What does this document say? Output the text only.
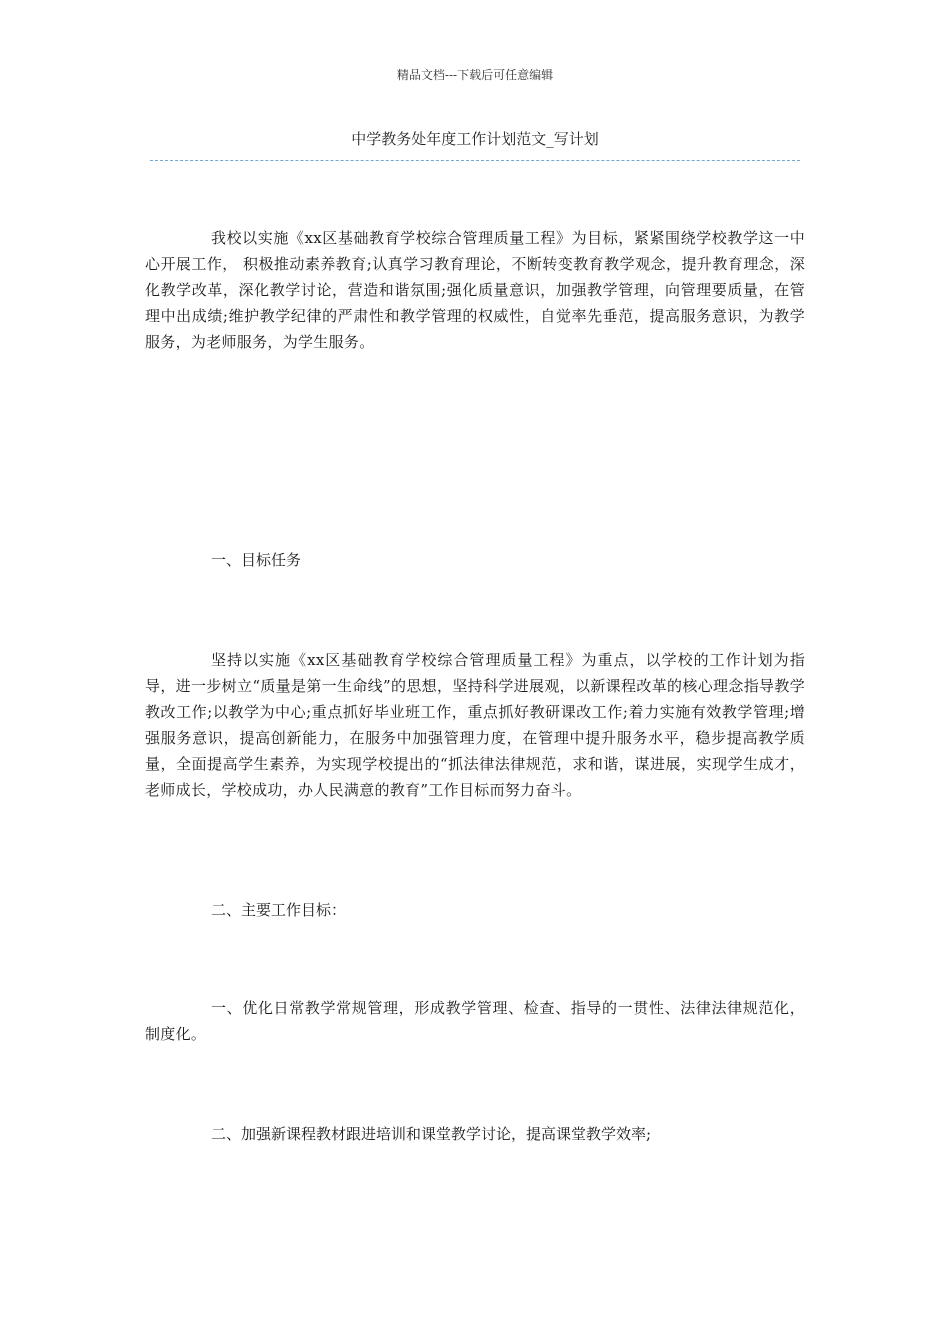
精品文档---下载后可任意编辑
中学教务处年度工作计划范文_写计划

我校以实施《xx区基础教育学校综合管理质量工程》为目标，紧紧围绕学校教学这一中心开展工作， 积极推动素养教育;认真学习教育理论，不断转变教育教学观念，提升教育理念，深化教学改革，深化教学讨论，营造和谐氛围;强化质量意识，加强教学管理，向管理要质量，在管理中出成绩;维护教学纪律的严肃性和教学管理的权威性，自觉率先垂范，提高服务意识，为教学服务，为老师服务，为学生服务。

一、目标任务

坚持以实施《xx区基础教育学校综合管理质量工程》为重点，以学校的工作计划为指导，进一步树立“质量是第一生命线”的思想，坚持科学进展观，以新课程改革的核心理念指导教学教改工作;以教学为中心;重点抓好毕业班工作，重点抓好教研课改工作;着力实施有效教学管理;增强服务意识，提高创新能力，在服务中加强管理力度，在管理中提升服务水平，稳步提高教学质量，全面提高学生素养，为实现学校提出的“抓法律法律规范，求和谐，谋进展，实现学生成才，老师成长，学校成功，办人民满意的教育”工作目标而努力奋斗。

二、主要工作目标：

一、优化日常教学常规管理，形成教学管理、检查、指导的一贯性、法律法律规范化，制度化。

二、加强新课程教材跟进培训和课堂教学讨论，提高课堂教学效率;
